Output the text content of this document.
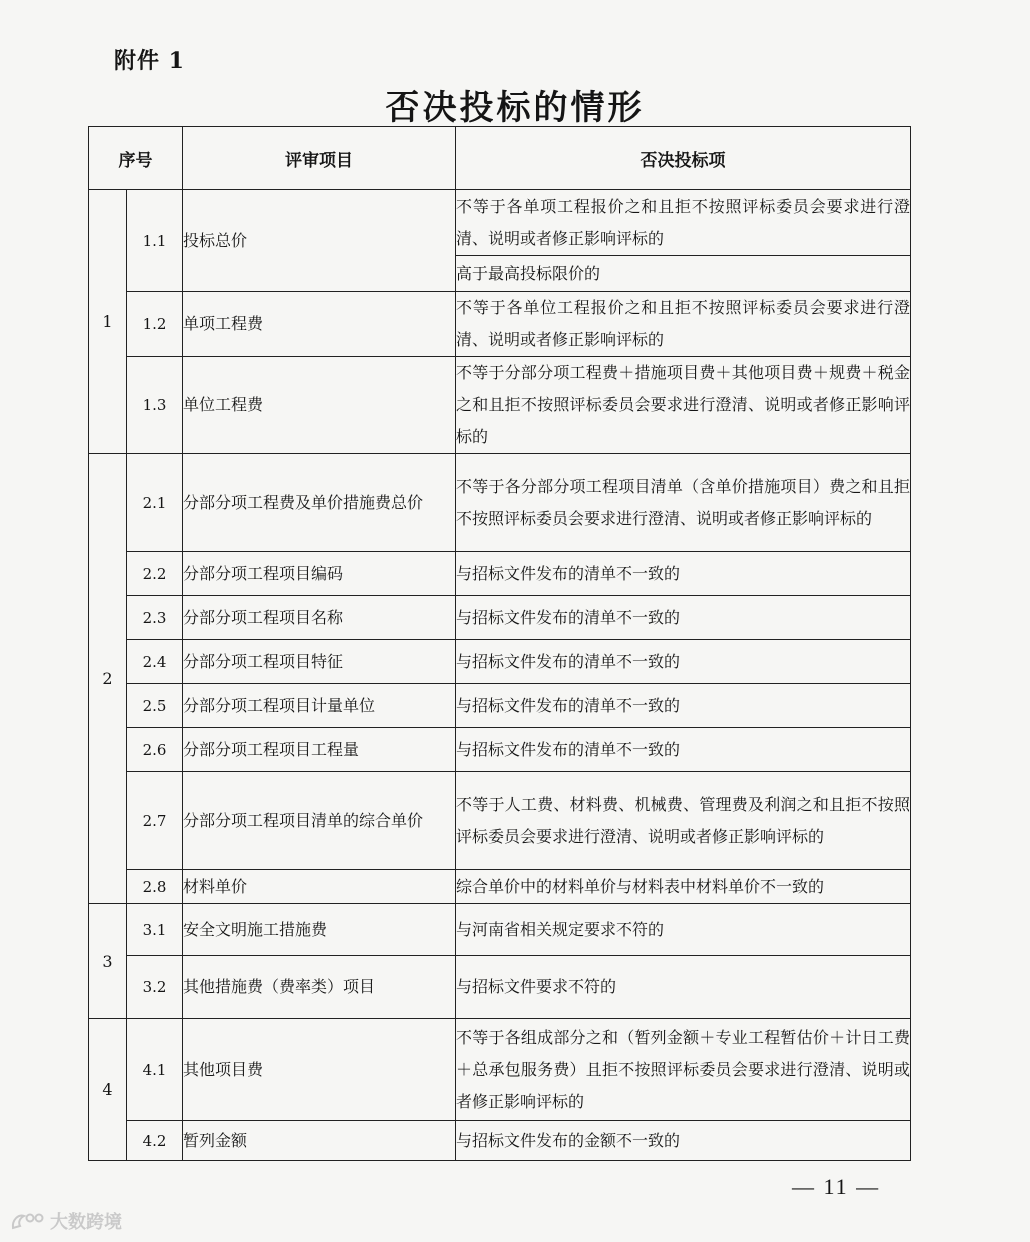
附件 1
否决投标的情形
序号		评审项目	否决投标项
1	1.1	投标总价	不等于各单项工程报价之和且拒不按照评标委员会要求进行澄清、说明或者修正影响评标的
			高于最高投标限价的
	1.2	单项工程费	不等于各单位工程报价之和且拒不按照评标委员会要求进行澄清、说明或者修正影响评标的
	1.3	单位工程费	不等于分部分项工程费＋措施项目费＋其他项目费＋规费＋税金之和且拒不按照评标委员会要求进行澄清、说明或者修正影响评标的
2	2.1	分部分项工程费及单价措施费总价	不等于各分部分项工程项目清单（含单价措施项目）费之和且拒不按照评标委员会要求进行澄清、说明或者修正影响评标的
	2.2	分部分项工程项目编码	与招标文件发布的清单不一致的
	2.3	分部分项工程项目名称	与招标文件发布的清单不一致的
	2.4	分部分项工程项目特征	与招标文件发布的清单不一致的
	2.5	分部分项工程项目计量单位	与招标文件发布的清单不一致的
	2.6	分部分项工程项目工程量	与招标文件发布的清单不一致的
	2.7	分部分项工程项目清单的综合单价	不等于人工费、材料费、机械费、管理费及利润之和且拒不按照评标委员会要求进行澄清、说明或者修正影响评标的
	2.8	材料单价	综合单价中的材料单价与材料表中材料单价不一致的
3	3.1	安全文明施工措施费	与河南省相关规定要求不符的
	3.2	其他措施费（费率类）项目	与招标文件要求不符的
4	4.1	其他项目费	不等于各组成部分之和（暂列金额＋专业工程暂估价＋计日工费＋总承包服务费）且拒不按照评标委员会要求进行澄清、说明或者修正影响评标的
	4.2	暂列金额	与招标文件发布的金额不一致的
— 11 —
大数跨境
